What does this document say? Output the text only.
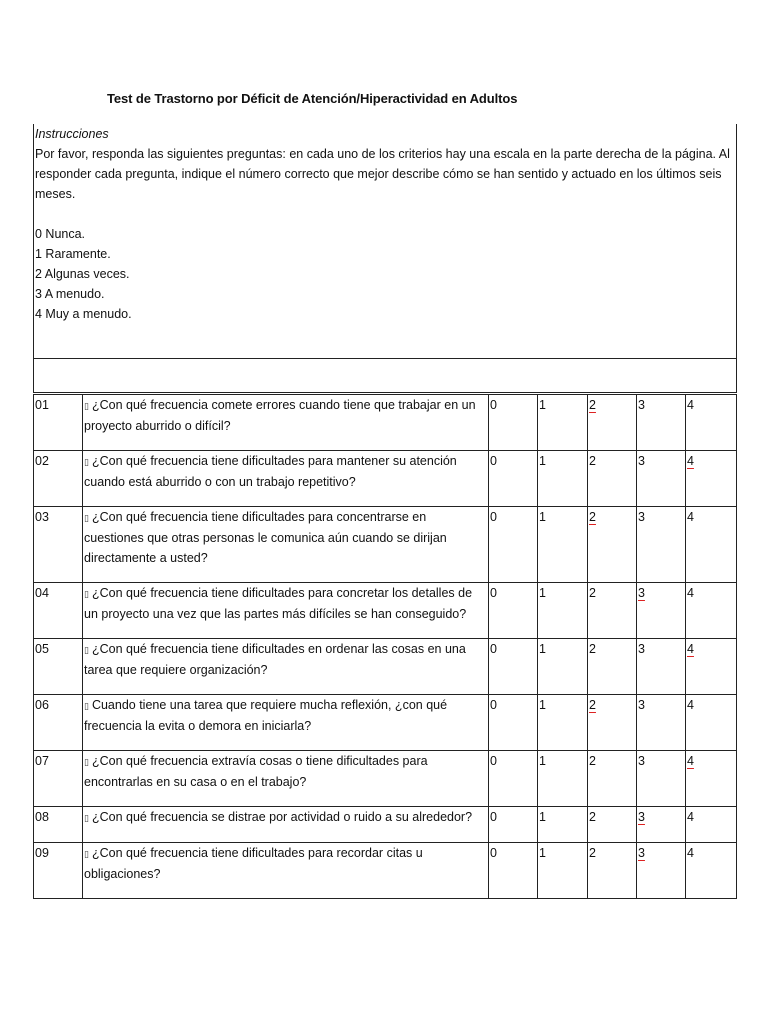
Test de Trastorno por Déficit de Atención/Hiperactividad en Adultos
Instrucciones
Por favor, responda las siguientes preguntas: en cada uno de los criterios hay una escala en la parte derecha de la página. Al responder cada pregunta, indique el número correcto que mejor describe cómo se han sentido y actuado en los últimos seis meses.
0 Nunca.
1 Raramente.
2 Algunas veces.
3 A menudo.
4 Muy a menudo.
01	▯ ¿Con qué frecuencia comete errores cuando tiene que trabajar en un proyecto aburrido o difícil?	0	1	2	3	4
02	▯ ¿Con qué frecuencia tiene dificultades para mantener su atención cuando está aburrido o con un trabajo repetitivo?	0	1	2	3	4
03	▯ ¿Con qué frecuencia tiene dificultades para concentrarse en cuestiones que otras personas le comunica aún cuando se dirijan directamente a usted?	0	1	2	3	4
04	▯ ¿Con qué frecuencia tiene dificultades para concretar los detalles de un proyecto una vez que las partes más difíciles se han conseguido?	0	1	2	3	4
05	▯ ¿Con qué frecuencia tiene dificultades en ordenar las cosas en una tarea que requiere organización?	0	1	2	3	4
06	▯ Cuando tiene una tarea que requiere mucha reflexión, ¿con qué frecuencia la evita o demora en iniciarla?	0	1	2	3	4
07	▯ ¿Con qué frecuencia extravía cosas o tiene dificultades para encontrarlas en su casa o en el trabajo?	0	1	2	3	4
08	▯ ¿Con qué frecuencia se distrae por actividad o ruido a su alrededor?	0	1	2	3	4
09	▯ ¿Con qué frecuencia tiene dificultades para recordar citas u obligaciones?	0	1	2	3	4
